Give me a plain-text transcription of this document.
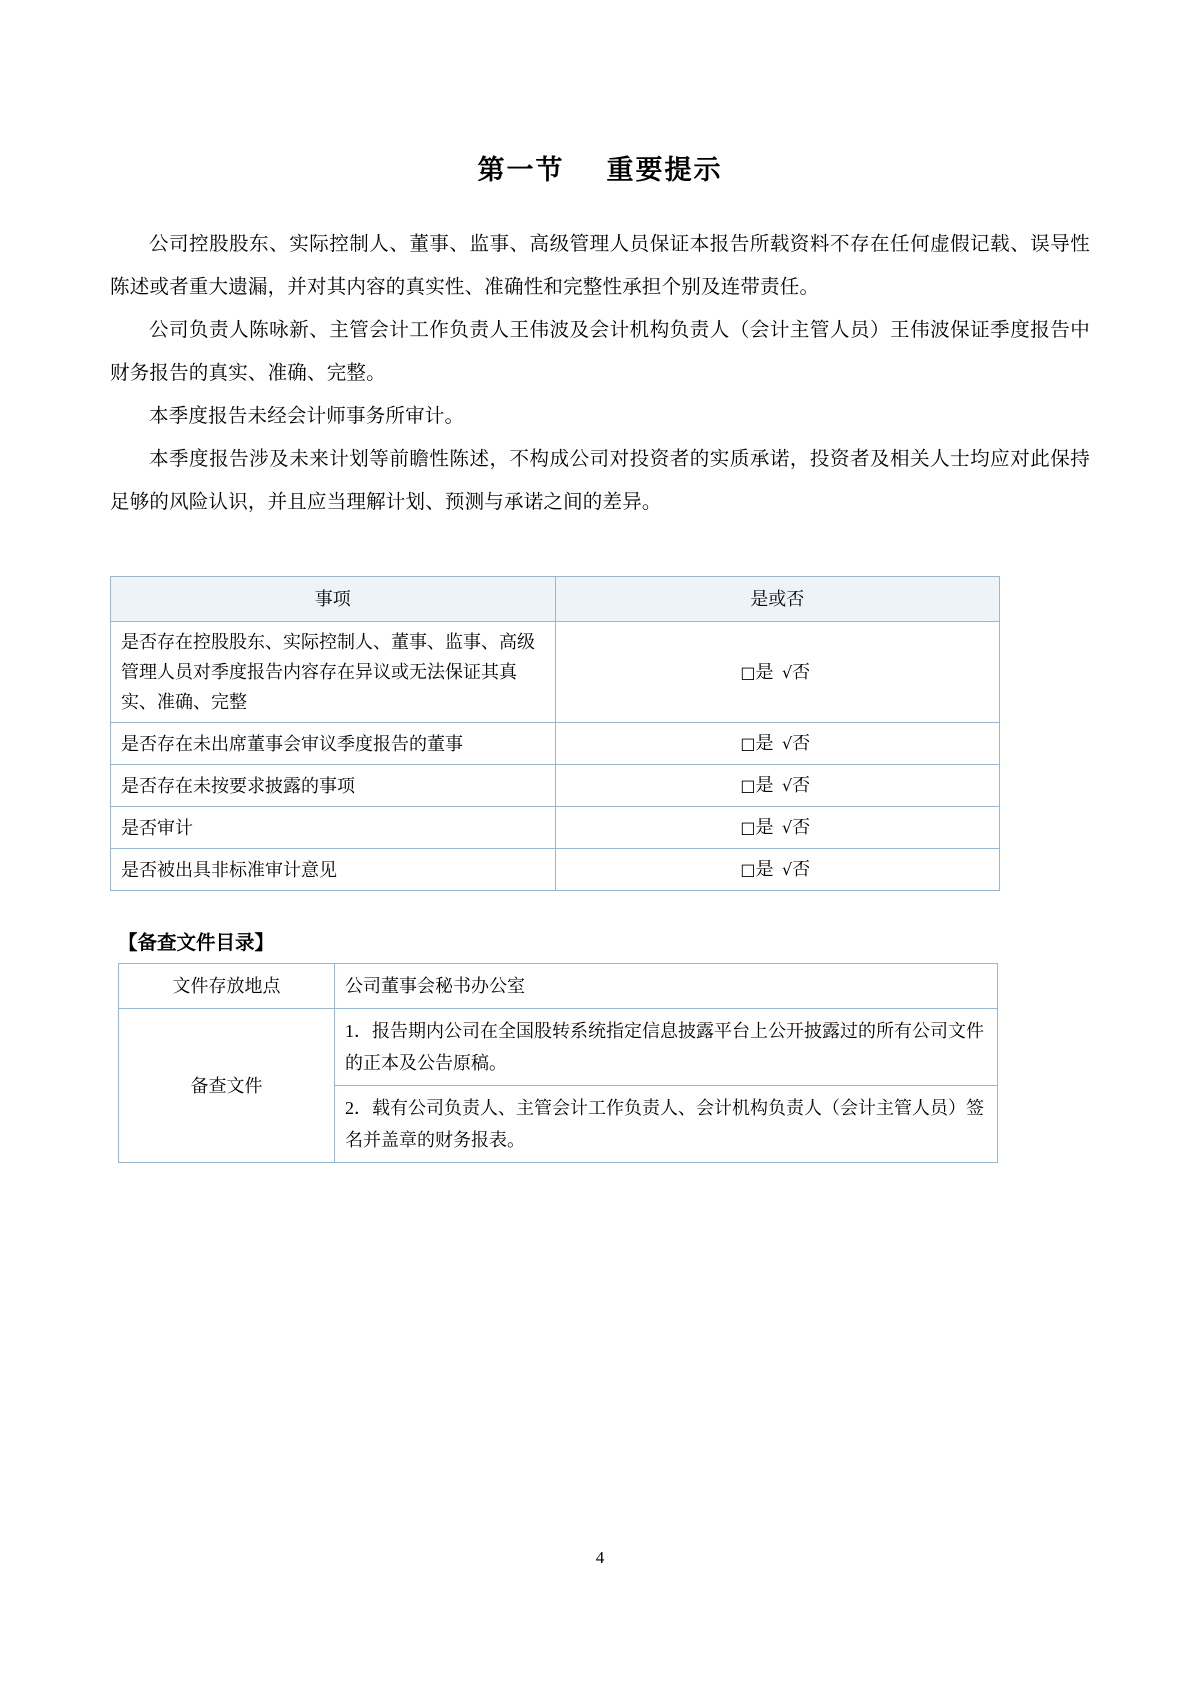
第一节 重要提示

公司控股股东、实际控制人、董事、监事、高级管理人员保证本报告所载资料不存在任何虚假记载、误导性陈述或者重大遗漏，并对其内容的真实性、准确性和完整性承担个别及连带责任。

公司负责人陈咏新、主管会计工作负责人王伟波及会计机构负责人（会计主管人员）王伟波保证季度报告中财务报告的真实、准确、完整。

本季度报告未经会计师事务所审计。

本季度报告涉及未来计划等前瞻性陈述，不构成公司对投资者的实质承诺，投资者及相关人士均应对此保持足够的风险认识，并且应当理解计划、预测与承诺之间的差异。

事项	是或否
是否存在控股股东、实际控制人、董事、监事、高级管理人员对季度报告内容存在异议或无法保证其真实、准确、完整	□是 √否
是否存在未出席董事会审议季度报告的董事	□是 √否
是否存在未按要求披露的事项	□是 √否
是否审计	□是 √否
是否被出具非标准审计意见	□是 √否
【备查文件目录】
文件存放地点	公司董事会秘书办公室
备查文件	1．报告期内公司在全国股转系统指定信息披露平台上公开披露过的所有公司文件的正本及公告原稿。
	2．载有公司负责人、主管会计工作负责人、会计机构负责人（会计主管人员）签名并盖章的财务报表。
4
